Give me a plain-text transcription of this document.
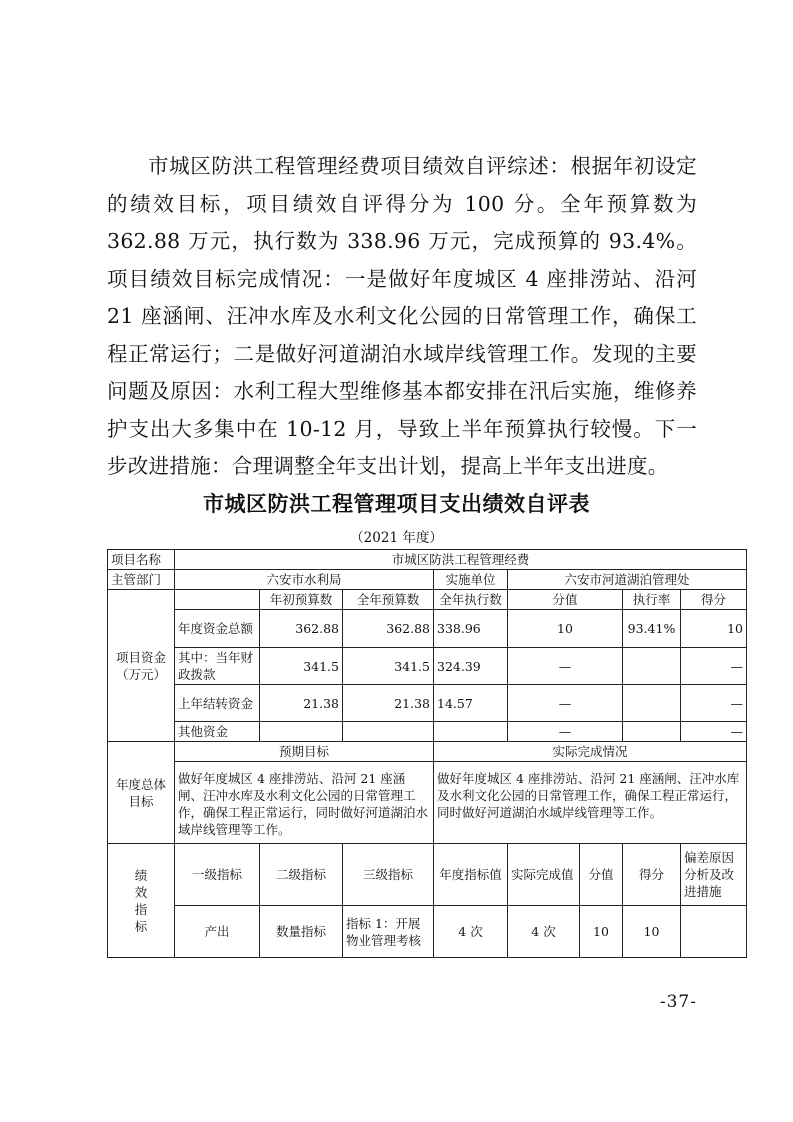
市城区防洪工程管理经费项目绩效自评综述：根据年初设定的绩效目标，项目绩效自评得分为 100 分。全年预算数为 362.88 万元，执行数为 338.96 万元，完成预算的 93.4%。项目绩效目标完成情况：一是做好年度城区 4 座排涝站、沿河 21 座涵闸、汪冲水库及水利文化公园的日常管理工作，确保工程正常运行；二是做好河道湖泊水域岸线管理工作。发现的主要问题及原因：水利工程大型维修基本都安排在汛后实施，维修养护支出大多集中在 10-12 月，导致上半年预算执行较慢。下一步改进措施：合理调整全年支出计划，提高上半年支出进度。

市城区防洪工程管理项目支出绩效自评表
（2021 年度）
项目名称	市城区防洪工程管理经费							
主管部门	六安市水利局			实施单位	六安市河道湖泊管理处			
项目资金（万元）		年初预算数	全年预算数	全年执行数	分值		执行率	得分
	年度资金总额	362.88	362.88	338.96	10		93.41%	10
	其中：当年财政拨款	341.5	341.5	324.39	—			—
	上年结转资金	21.38	21.38	14.57	—			—
	其他资金				—			—
年度总体目标	预期目标			实际完成情况				
	做好年度城区 4 座排涝站、沿河 21 座涵闸、汪冲水库及水利文化公园的日常管理工作，确保工程正常运行，同时做好河道湖泊水域岸线管理等工作。			做好年度城区 4 座排涝站、沿河 21 座涵闸、汪冲水库及水利文化公园的日常管理工作，确保工程正常运行，同时做好河道湖泊水域岸线管理等工作。				
绩效指标	一级指标	二级指标	三级指标	年度指标值	实际完成值	分值	得分	偏差原因分析及改进措施
	产出	数量指标	指标 1：开展物业管理考核	4 次	4 次	10	10	
-37-
